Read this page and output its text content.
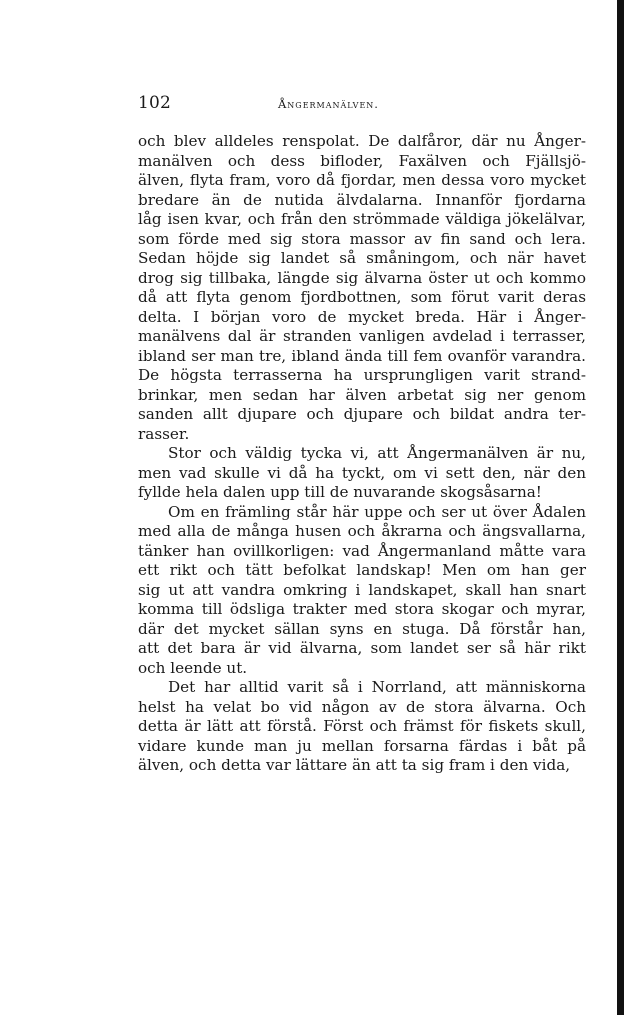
102	Ångermanälven.
och blev alldeles renspolat. De dalfåror, där nu Ånger-
manälven och dess bifloder, Faxälven och Fjällsjö-
älven, flyta fram, voro då fjordar, men dessa voro mycket
bredare än de nutida älvdalarna. Innanför fjordarna
låg isen kvar, och från den strömmade väldiga jökelälvar,
som förde med sig stora massor av fin sand och lera.
Sedan höjde sig landet så småningom, och när havet
drog sig tillbaka, längde sig älvarna öster ut och kommo
då att flyta genom fjordbottnen, som förut varit deras
delta. I början voro de mycket breda. Här i Ånger-
manälvens dal är stranden vanligen avdelad i terrasser,
ibland ser man tre, ibland ända till fem ovanför varandra.
De högsta terrasserna ha ursprungligen varit strand-
brinkar, men sedan har älven arbetat sig ner genom
sanden allt djupare och djupare och bildat andra ter-
rasser.
Stor och väldig tycka vi, att Ångermanälven är nu,
men vad skulle vi då ha tyckt, om vi sett den, när den
fyllde hela dalen upp till de nuvarande skogsåsarna!
Om en främling står här uppe och ser ut över Ådalen
med alla de många husen och åkrarna och ängsvallarna,
tänker han ovillkorligen: vad Ångermanland måtte vara
ett rikt och tätt befolkat landskap! Men om han ger
sig ut att vandra omkring i landskapet, skall han snart
komma till ödsliga trakter med stora skogar och myrar,
där det mycket sällan syns en stuga. Då förstår han,
att det bara är vid älvarna, som landet ser så här rikt
och leende ut.
Det har alltid varit så i Norrland, att människorna
helst ha velat bo vid någon av de stora älvarna. Och
detta är lätt att förstå. Först och främst för fiskets skull,
vidare kunde man ju mellan forsarna färdas i båt på
älven, och detta var lättare än att ta sig fram i den vida,
